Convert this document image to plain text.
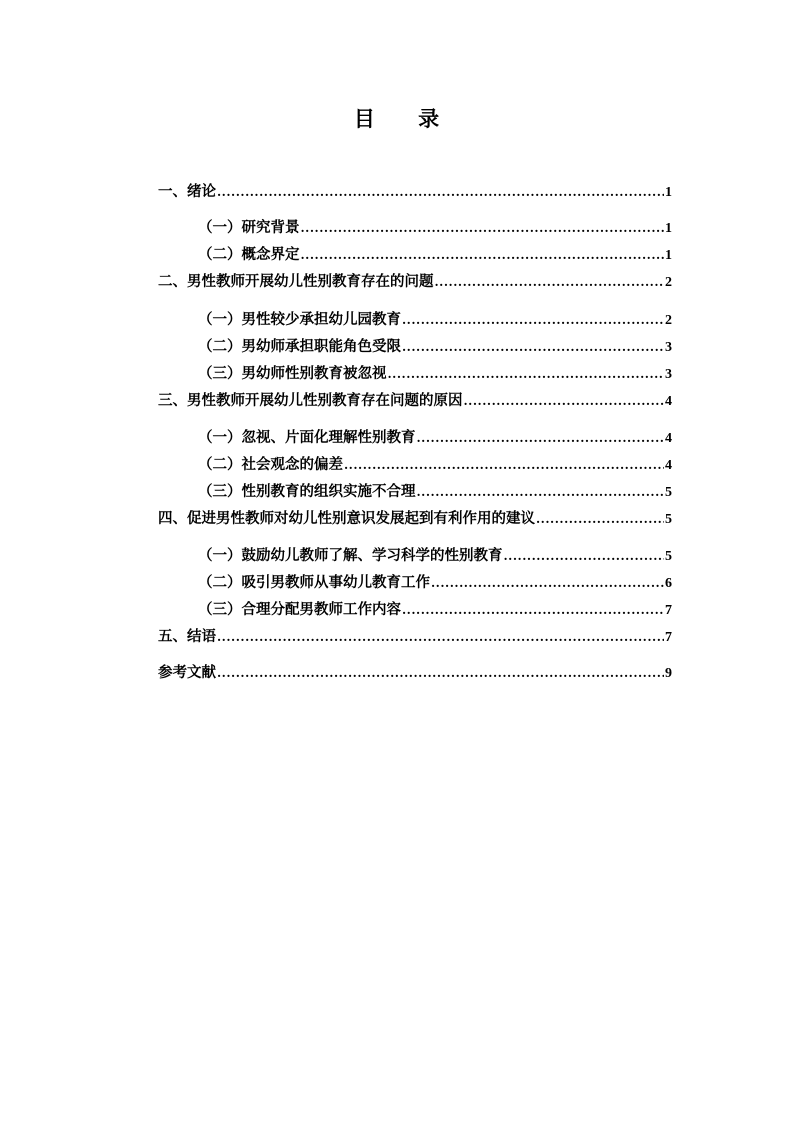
目 录
一、 绪论 .....	1
（一） 研究背景 .....	1
（二） 概念界定 .....	1
二、 男性教师开展幼儿性别教育存在的问题 .....	2
（一） 男性较少承担幼儿园教育 .....	2
（二） 男幼师承担职能角色受限 .....	3
（三） 男幼师性别教育被忽视 .....	3
三、 男性教师开展幼儿性别教育存在问题的原因 .....	4
（一） 忽视、片面化理解性别教育 .....	4
（二） 社会观念的偏差 .....	4
（三） 性别教育的组织实施不合理 .....	5
四、 促进男性教师对幼儿性别意识发展起到有利作用的建议 .....	5
（一） 鼓励幼儿教师了解、学习科学的性别教育 .....	5
（二） 吸引男教师从事幼儿教育工作 .....	6
（三） 合理分配男教师工作内容 .....	7
五、 结语 .....	7
参考文献 .....	9
